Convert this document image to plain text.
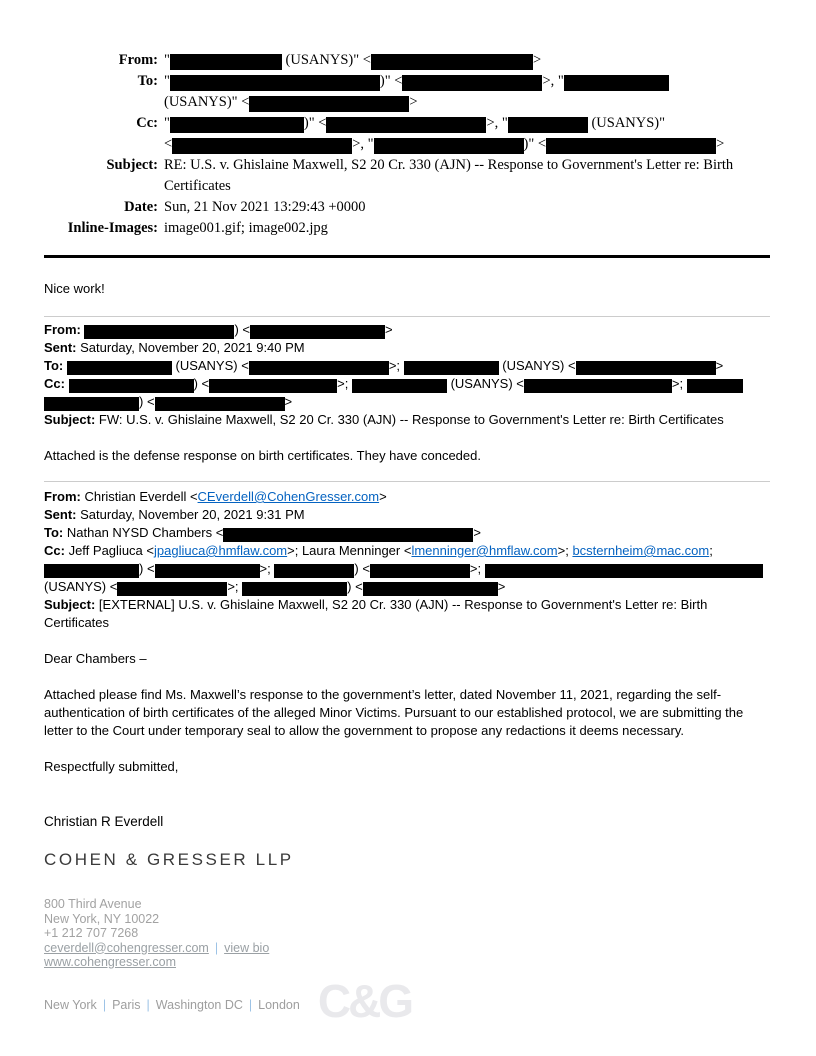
From: "	(USANYS)" <	>
To: "	)" <	>, "
(USANYS)" <	>
Cc: "	)" <	>, "	(USANYS)"
<	>, "	)" <	>
Subject: RE: U.S. v. Ghislaine Maxwell, S2 20 Cr. 330 (AJN) -- Response to Government's Letter re: Birth Certificates
Date: Sun, 21 Nov 2021 13:29:43 +0000
Inline-Images: image001.gif; image002.jpg
Nice work!
From:	) <	>
Sent: Saturday, November 20, 2021 9:40 PM
To:	(USANYS) <	>;	(USANYS) <	>
Cc:	) <	>;	(USANYS) <	>;
) <	>
Subject: FW: U.S. v. Ghislaine Maxwell, S2 20 Cr. 330 (AJN) -- Response to Government's Letter re: Birth Certificates
Attached is the defense response on birth certificates. They have conceded.
From: Christian Everdell <CEverdell@CohenGresser.com>
Sent: Saturday, November 20, 2021 9:31 PM
To: Nathan NYSD Chambers <	>
Cc: Jeff Pagliuca <jpagliuca@hmflaw.com>; Laura Menninger <lmenninger@hmflaw.com>; bcsternheim@mac.com;
) <	>;	) <	>;
(USANYS) <	>;	) <	>
Subject: [EXTERNAL] U.S. v. Ghislaine Maxwell, S2 20 Cr. 330 (AJN) -- Response to Government's Letter re: Birth Certificates
Dear Chambers –
Attached please find Ms. Maxwell’s response to the government’s letter, dated November 11, 2021, regarding the self-authentication of birth certificates of the alleged Minor Victims. Pursuant to our established protocol, we are submitting the letter to the Court under temporary seal to allow the government to propose any redactions it deems necessary.
Respectfully submitted,
Christian R Everdell
COHEN & GRESSER LLP
800 Third Avenue
New York, NY 10022
+1 212 707 7268
ceverdell@cohengresser.com | view bio
www.cohengresser.com
New York | Paris | Washington DC | London C&G
